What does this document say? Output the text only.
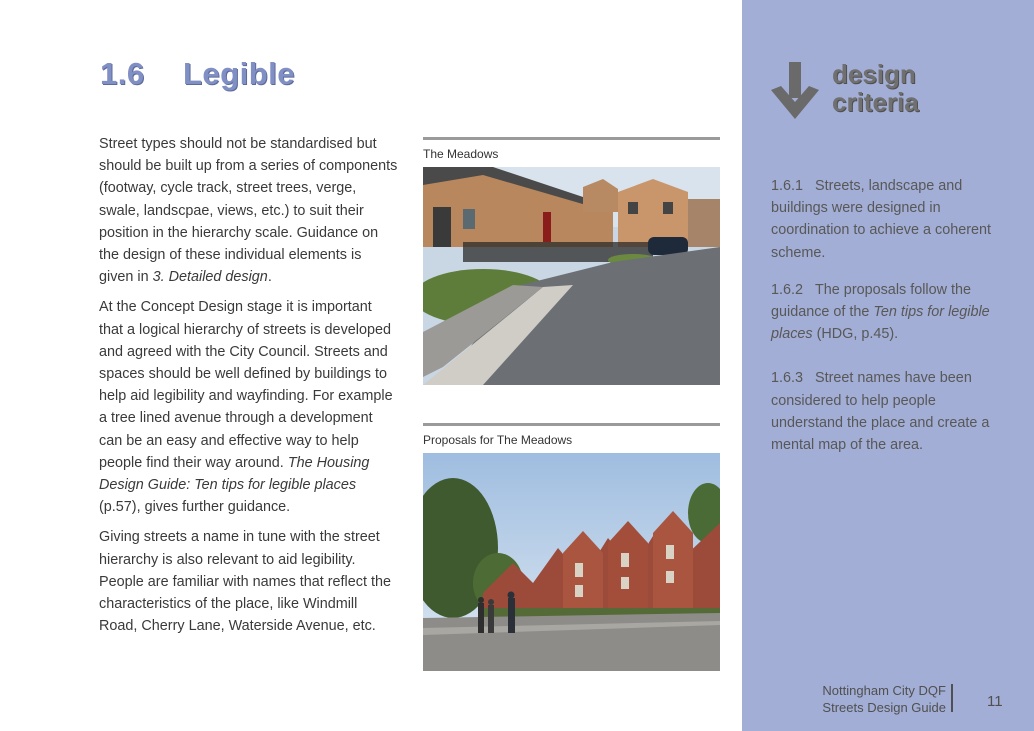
1.6 Legible

Street types should not be standardised but should be built up from a series of components (footway, cycle track, street trees, verge, swale, landscpae, views, etc.) to suit their position in the hierarchy scale. Guidance on the design of these individual elements is given in 3. Detailed design.

At the Concept Design stage it is important that a logical hierarchy of streets is developed and agreed with the City Council. Streets and spaces should be well defined by buildings to help aid legibility and wayfinding. For example a tree lined avenue through a development can be an easy and effective way to help people find their way around. The Housing Design Guide: Ten tips for legible places (p.57), gives further guidance.

Giving streets a name in tune with the street hierarchy is also relevant to aid legibility. People are familiar with names that reflect the characteristics of the place, like Windmill Road, Cherry Lane, Waterside Avenue, etc.

The Meadows
Proposals for The Meadows
design
criteria

1.6.1 Streets, landscape and buildings were designed in coordination to achieve a coherent scheme.

1.6.2 The proposals follow the guidance of the Ten tips for legible places (HDG, p.45).

1.6.3 Street names have been considered to help people understand the place and create a mental map of the area.

Nottingham City DQF
Streets Design Guide	11
